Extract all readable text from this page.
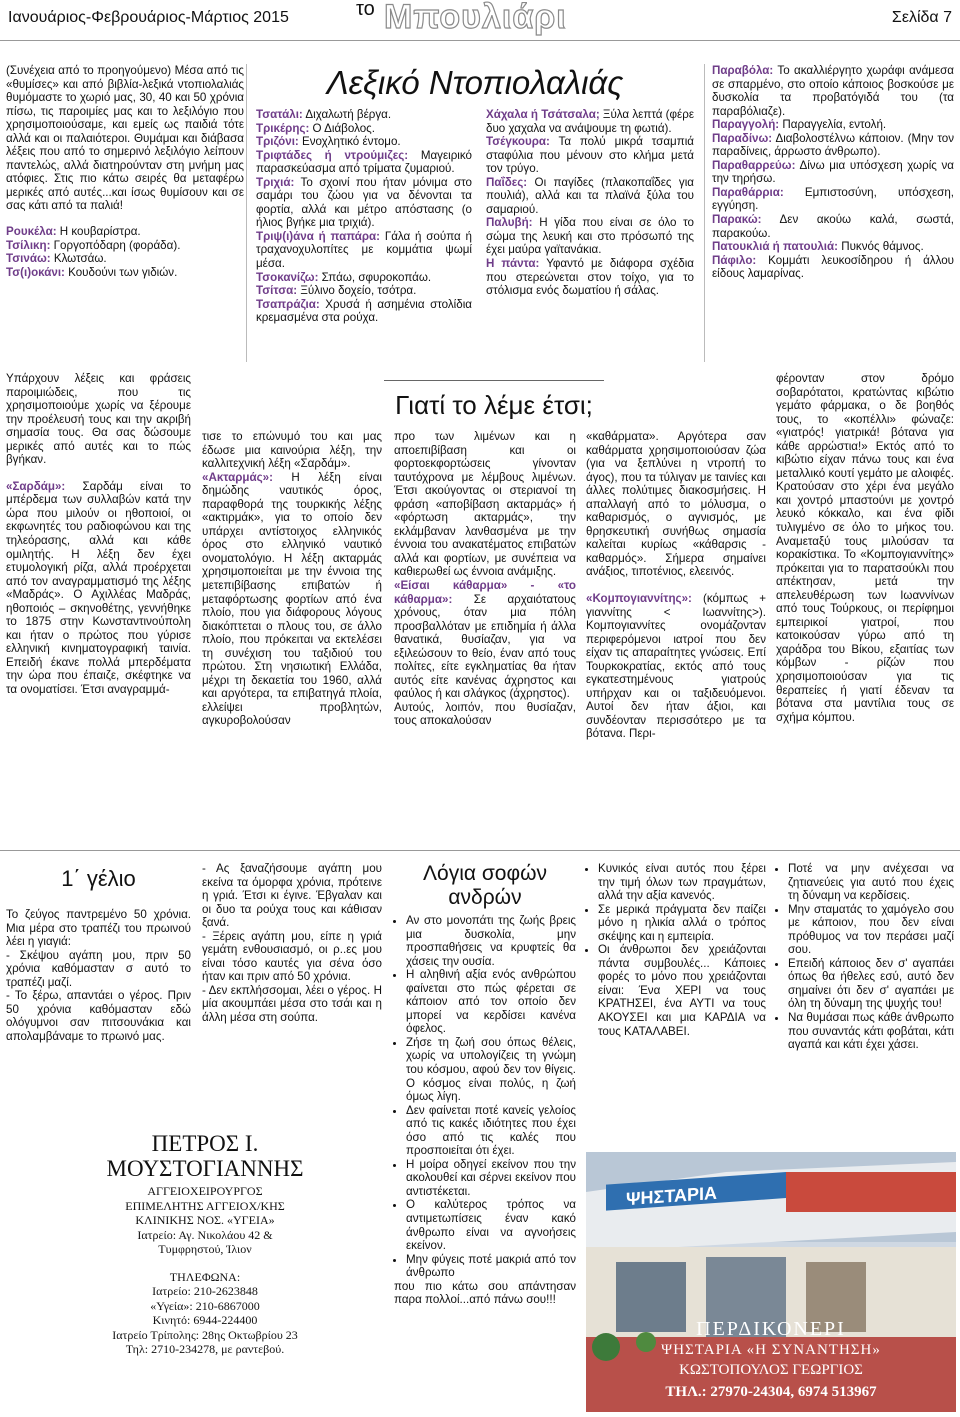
Ιανουάριος-Φεβρουάριος-Μάρτιος 2015	το Μπουλιάρι	Σελίδα 7
Λεξικό Ντοπιολαλιάς

(Συνέχεια από το προηγούμενο) Μέσα από τις «θυμίσες» και από βιβλία-λεξικά ντοπιολαλιάς θυμόμαστε το χωριό μας, 30, 40 και 50 χρόνια πίσω, τις παροιμίες μας και το λεξιλόγιο που χρησιμοποιούσαμε, και εμείς ως παιδιά τότε αλλά και οι παλαιότεροι. Θυμάμαι και διάβασα λέξεις που από το σημερινό λεξιλόγιο λείπουν παντελώς, αλλά διατηρούνταν στη μνήμη μας ατόφιες. Στις πιο κάτω σειρές θα μεταφέρω μερικές από αυτές...και ίσως θυμίσουν και σε σας κάτι από τα παλιά!

Ρουκέλα: Η κουβαρίστρα.

Τσίλικη: Γοργοπόδαρη (φοράδα).

Τσινάω: Κλωτσάω.

Τσ(ι)οκάνι: Κουδούνι των γιδιών.

Τσατάλι: Διχαλωτή βέργα.

Τρικέρης: Ο Διάβολος.

Τριζόνι: Ενοχλητικό έντομο.

Τριφτάδες ή ντρούμιζες: Μαγειρικό παρασκεύασμα από τρίματα ζυμαριού.

Τριχιά: Το σχοινί που ήταν μόνιμα στο σαμάρι του ζώου για να δένονται τα φορτία, αλλά και μέτρο απόστασης (ο ήλιος βγήκε μια τριχιά).

Τριψ(ι)άνα ή παπάρα: Γάλα ή σούπα ή τραχανοχυλοπίτες με κομμάτια ψωμί μέσα.

Τσοκανίζω: Σπάω, σφυροκοπάω.

Τσίτσα: Ξύλινο δοχείο, τσότρα.

Τσαπράζια: Χρυσά ή ασημένια στολίδια κρεμασμένα στα ρούχα.

Χάχαλα ή Τσάτσαλα; Ξύλα λεπτά (φέρε δυο χαχαλα να ανάψουμε τη φωτιά).

Τσέγκουρα: Τα πολύ μικρά τσαμπιά σταφύλια που μένουν στο κλήμα μετά τον τρύγο.

Παΐδες: Οι παγίδες (πλακοπαΐδες για πουλιά), αλλά και τα πλαϊνά ξύλα του σαμαριού.

Παλυβή: Η γίδα που είναι σε όλο το σώμα της λευκή και στο πρόσωπό της έχει μαύρα γαϊτανάκια.

Η πάντα: Υφαντό με διάφορα σχέδια που στερεώνεται στον τοίχο, για το στόλισμα ενός δωματίου ή σάλας.

Παραβόλα: Το ακαλλιέργητο χωράφι ανάμεσα σε σπαρμένο, στο οποίο κάποιος βοσκούσε με δυσκολία τα προβατόγιδά του (τα παραβόλιαζε).

Παραγγολή: Παραγγελία, εντολή.

Παραδίνω: Διαβολοστέλνω κάποιον. (Μην τον παραδίνεις, άρρωστο άνθρωπο).

Παραθαρρεύω: Δίνω μια υπόσχεση χωρίς να την τηρήσω.

Παραθάρρια: Εμπιστοσύνη, υπόσχεση, εγγύηση.

Παρακώ: Δεν ακούω καλά, σωστά, παρακούω.

Πατουκλιά ή πατουλιά: Πυκνός θάμνος.

Πάφιλο: Κομμάτι λευκοσίδηρου ή άλλου είδους λαμαρίνας.

Γιατί το λέμε έτσι;

Υπάρχουν λέξεις και φράσεις παροιμιώδεις, που τις χρησιμοποιούμε χωρίς να ξέρουμε την προέλευσή τους και την ακριβή σημασία τους. Θα σας δώσουμε μερικές από αυτές και το πώς βγήκαν.

«Σαρδάμ»: Σαρδάμ είναι το μπέρδεμα των συλλαβών κατά την ώρα που μιλούν οι ηθοποιοί, οι εκφωνητές του ραδιοφώνου και της τηλεόρασης, αλλά και κάθε ομιλητής. Η λέξη δεν έχει ετυμολογική ρίζα, αλλά προέρχεται από τον αναγραμματισμό της λέξης «Μαδράς». Ο Αχιλλέας Μαδράς, ηθοποιός – σκηνοθέτης, γεννήθηκε το 1875 στην Κωνσταντινούπολη και ήταν ο πρώτος που γύρισε ελληνική κινηματογραφική ταινία. Επειδή έκανε πολλά μπερδέματα την ώρα που έπαιζε, σκέφτηκε να τα ονοματίσει. Έτσι αναγραμμά-

τισε το επώνυμό του και μας έδωσε μια καινούρια λέξη, την καλλιτεχνική λέξη «Σαρδάμ».

«Ακταρμάς»: Η λέξη είναι δημώδης ναυτικός όρος, παραφθορά της τουρκικής λέξης «ακτιρμάκ», για το οποίο δεν υπάρχει αντίστοιχος ελληνικός όρος στο ελληνικό ναυτικό ονοματολόγιο. Η λέξη ακταρμάς χρησιμοποιείται με την έννοια της μετεπιβίβασης επιβατών ή μεταφόρτωσης φορτίων από ένα πλοίο, που για διάφορους λόγους διακόπτεται ο πλους του, σε άλλο πλοίο, που πρόκειται να εκτελέσει τη συνέχιση του ταξιδιού του πρώτου. Στη νησιωτική Ελλάδα, μέχρι τη δεκαετία του 1960, αλλά και αργότερα, τα επιβατηγά πλοία, ελλείψει προβλητών, αγκυροβολούσαν

προ των λιμένων και η αποεπιβίβαση και οι φορτοεκφορτώσεις γίνονταν ταυτόχρονα με λέμβους λιμένων. Έτσι ακούγοντας οι στεριανοί τη φράση «αποβίβαση ακταρμάς» ή «φόρτωση ακταρμάς», την εκλάμβαναν λανθασμένα με την έννοια του ανακατέματος επιβατών αλλά και φορτίων, με συνέπεια να καθιερωθεί ως έννοια ανάμιξης.

«Είσαι κάθαρμα» - «το κάθαρμα»: Σε αρχαιότατους χρόνους, όταν μια πόλη προσβαλλόταν με επιδημία ή άλλα θανατικά, θυσίαζαν, για να εξιλεώσουν το θείο, έναν από τους πολίτες, είτε εγκληματίας θα ήταν αυτός είτε κανένας άχρηστος και φαύλος ή και σλάγκος (άχρηστος).

Αυτούς, λοιπόν, που θυσίαζαν, τους αποκαλούσαν

«καθάρματα». Αργότερα σαν καθάρματα χρησιμοποιούσαν ζώα (για να ξεπλύνει η ντροπή το άγος), που τα τύλιγαν με ταινίες και άλλες πολύτιμες διακοσμήσεις. Η απαλλαγή από το μόλυσμα, ο καθαρισμός, ο αγνισμός, με θρησκευτική συνήθως σημασία καλείται κυρίως «κάθαρσις - καθαρμός». Σήμερα σημαίνει ανάξιος, τιποτένιος, ελεεινός.

«Κομπογιαννίτης»: (κόμπως + γιαννίτης < Ιωαννίτης>). Κομπογιαννίτες ονομάζονταν περιφερόμενοι ιατροί που δεν είχαν τις απαραίτητες γνώσεις. Επί Τουρκοκρατίας, εκτός από τους εγκατεστημένους γιατρούς υπήρχαν και οι ταξιδευόμενοι. Αυτοί δεν ήταν άξιοι, και συνδέονταν περισσότερο με τα βότανα. Περι-

φέρονταν στον δρόμο σοβαρότατοι, κρατώντας κιβώτιο γεμάτο φάρμακα, ο δε βοηθός τους, το «κοπέλλι» φώναζε: «γιατρός! γιατρικά! βότανα για κάθε αρρώστια!» Εκτός από το κιβώτιο είχαν πάνω τους και ένα μεταλλικό κουτί γεμάτο με αλοιφές. Κρατούσαν στο χέρι ένα μεγάλο και χοντρό μπαστούνι με χοντρό λευκό κόκκαλο, και ένα φίδι τυλιγμένο σε όλο το μήκος του. Αναμεταξύ τους μιλούσαν τα κορακίστικα. Το «Κομπογιαννίτης» πρόκειται για το παρατσούκλι που απέκτησαν, μετά την απελευθέρωση των Ιωαννίνων από τους Τούρκους, οι περίφημοι εμπειρικοί γιατροί, που κατοικούσαν γύρω από τη χαράδρα του Βίκου, εξαιτίας των κόμβων - ρίζών που χρησιμοποιούσαν για τις θεραπείες ή γιατί έδεναν τα βότανα στα μαντίλια τους σε σχήμα κόμπου.

1΄ γέλιο

Το ζεύγος παντρεμένο 50 χρόνια. Μια μέρα στο τραπέζι του πρωινού λέει η γιαγιά:
- Σκέψου αγάπη μου, πριν 50 χρόνια καθόμασταν σ αυτό το τραπέζι μαζί.
- Το ξέρω, απαντάει ο γέρος. Πριν 50 χρόνια καθόμασταν εδώ ολόγυμνοι σαν πιτσουνάκια και απολαμβάναμε το πρωινό μας.

- Ας ξαναζήσουμε αγάπη μου εκείνα τα όμορφα χρόνια, πρότεινε η γριά. Έτσι κι έγινε. Έβγαλαν και οι δυο τα ρούχα τους και κάθισαν ξανά.
- Ξέρεις αγάπη μου, είπε η γριά γεμάτη ενθουσιασμό, οι ρ..ες μου είναι τόσο καυτές για σένα όσο ήταν και πριν από 50 χρόνια.
- Δεν εκπλήσσομαι, λέει ο γέρος. Η μία ακουμπάει μέσα στο τσάι και η άλλη μέσα στη σούπα.

ΠΕΤΡΟΣ Ι.
ΜΟΥΣΤΟΓΙΑΝΝΗΣ
ΑΓΓΕΙΟΧΕΙΡΟΥΡΓΟΣ
ΕΠΙΜΕΛΗΤΗΣ ΑΓΓΕΙΟΧ/ΚΗΣ
ΚΛΙΝΙΚΗΣ ΝΟΣ. «ΥΓΕΙΑ»
Ιατρείο: Αγ. Νικολάου 42 &
Τυμφρηστού, Ίλιον
ΤΗΛΕΦΩΝΑ:
Ιατρείο: 210-2623848
«Υγεία»: 210-6867000
Κινητό: 6944-224400
Ιατρείο Τρίπολης: 28ης Οκτωβρίου 23
Τηλ: 2710-234278, με ραντεβού.
Λόγια σοφών ανδρών
• Αν στο μονοπάτι της ζωής βρεις μια δυσκολία, μην προσπαθήσεις να κρυφτείς θα χάσεις την ουσία.
• Η αληθινή αξία ενός ανθρώπου φαίνεται στο πώς φέρεται σε κάποιον από τον οποίο δεν μπορεί να κερδίσει κανένα όφελος.
• Ζήσε τη ζωή σου όπως θέλεις, χωρίς να υπολογίζεις τη γνώμη του κόσμου, αφού δεν τον θίγεις. Ο κόσμος είναι πολύς, η ζωή όμως λίγη.
• Δεν φαίνεται ποτέ κανείς γελοίος από τις κακές ιδιότητες που έχει όσο από τις καλές που προσποιείται ότι έχει.
• Η μοίρα οδηγεί εκείνον που την ακολουθεί και σέρνει εκείνον που αντιστέκεται.
• Ο καλύτερος τρόπος να αντιμετωπίσεις έναν κακό άνθρωπο είναι να αγνοήσεις εκείνον.
• Μην φύγεις ποτέ μακριά από τον άνθρωπο

που πιο κάτω σου απάντησαν παρα πολλοί...από πάνω σου!!!

• Κυνικός είναι αυτός που ξέρει την τιμή όλων των πραγμάτων, αλλά την αξία κανενός.
• Σε μερικά πράγματα δεν παίζει μόνο η ηλικία αλλά ο τρόπος σκέψης και η εμπειρία.
• Οι άνθρωποι δεν χρειάζονται πάντα συμβουλές... Κάποιες φορές το μόνο που χρειάζονται είναι: Ένα ΧΕΡΙ να τους ΚΡΑΤΗΣΕΙ, ένα ΑΥΤΙ να τους ΑΚΟΥΣΕΙ και μια ΚΑΡΔΙΑ να τους ΚΑΤΑΛΑΒΕΙ.
• Ποτέ να μην ανέχεσαι να ζητιανεύεις για αυτό που έχεις τη δύναμη να κερδίσεις.
• Μην σταματάς το χαμόγελο σου με κάποιον, που δεν είναι πρόθυμος να τον περάσει μαζί σου.
• Επειδή κάποιος δεν σ' αγαπάει όπως θα ήθελες εσύ, αυτό δεν σημαίνει ότι δεν σ' αγαπάει με όλη τη δύναμη της ψυχής του!
• Να θυμάσαι πως κάθε άνθρωπο που συναντάς κάτι φοβάται, κάτι αγαπά και κάτι έχει χάσει.
ΨΗΣΤΑΡΙΑ
ΠΕΡΔΙΚΟΝΕΡΙ
ΨΗΣΤΑΡΙΑ «Η ΣΥΝΑΝΤΗΣΗ»
ΚΩΣΤΟΠΟΥΛΟΣ ΓΕΩΡΓΙΟΣ
ΤΗΛ.: 27970-24304, 6974 513967
